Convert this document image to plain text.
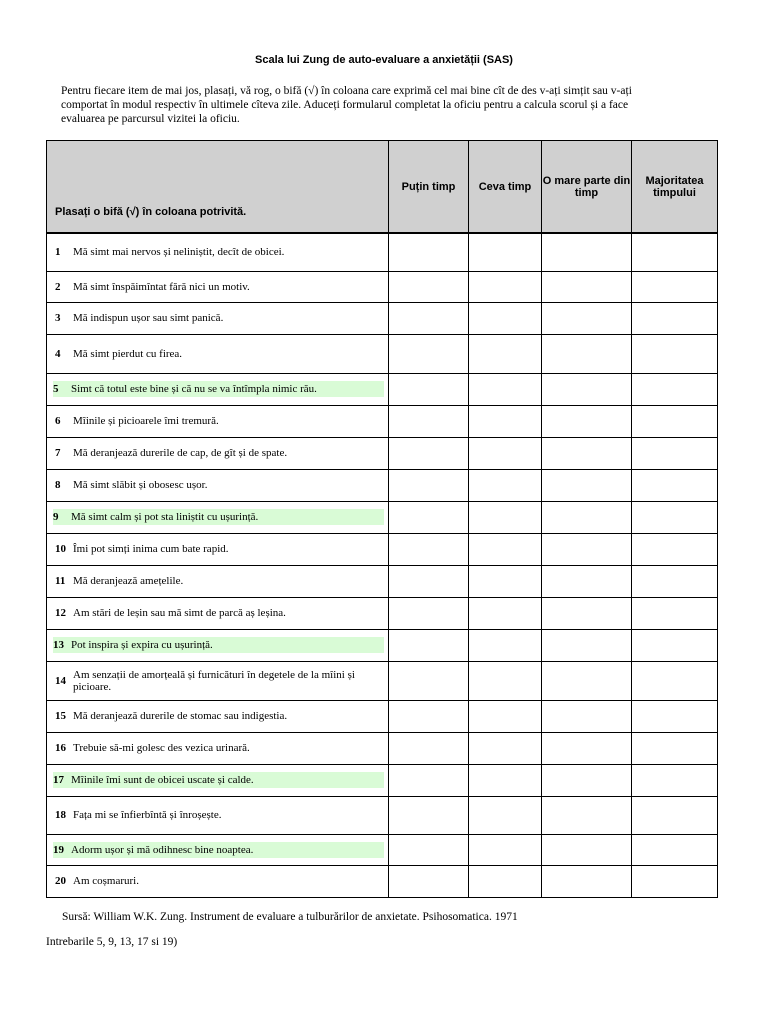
Scala lui Zung de auto-evaluare a anxietății (SAS)
Pentru fiecare item de mai jos, plasați, vă rog, o bifă (√) în coloana care exprimă cel mai bine cît de des v-ați simțit sau v-ați comportat în modul respectiv în ultimele cîteva zile. Aduceți formularul completat la oficiu pentru a calcula scorul și a face evaluarea pe parcursul vizitei la oficiu.
Plasați o bifă (√) în coloana potrivită.	Puțin timp	Ceva timp	O mare parte din timp	Majoritatea timpului

1 Mă simt mai nervos și neliniștit, decît de obicei.				

2 Mă simt înspăimîntat fără nici un motiv.				

3 Mă indispun ușor sau simt panică.				

4 Mă simt pierdut cu firea.				

5 Simt că totul este bine și că nu se va întîmpla nimic rău.				

6 Mîinile și picioarele îmi tremură.				

7 Mă deranjează durerile de cap, de gît și de spate.				

8 Mă simt slăbit și obosesc ușor.				

9 Mă simt calm și pot sta liniștit cu ușurință.				

10 Îmi pot simți inima cum bate rapid.				

11 Mă deranjează amețelile.				

12 Am stări de leșin sau mă simt de parcă aș leșina.				

13 Pot inspira și expira cu ușurință.				

14 Am senzații de amorțeală și furnicături în degetele de la mîini și picioare.				

15 Mă deranjează durerile de stomac sau indigestia.				

16 Trebuie să-mi golesc des vezica urinară.				

17 Mîinile îmi sunt de obicei uscate și calde.				

18 Fața mi se înfierbîntă și înroșește.				

19 Adorm ușor și mă odihnesc bine noaptea.				

20 Am coșmaruri.				

Sursă: William W.K. Zung. Instrument de evaluare a tulburărilor de anxietate. Psihosomatica. 1971
Intrebarile 5, 9, 13, 17 si 19)
